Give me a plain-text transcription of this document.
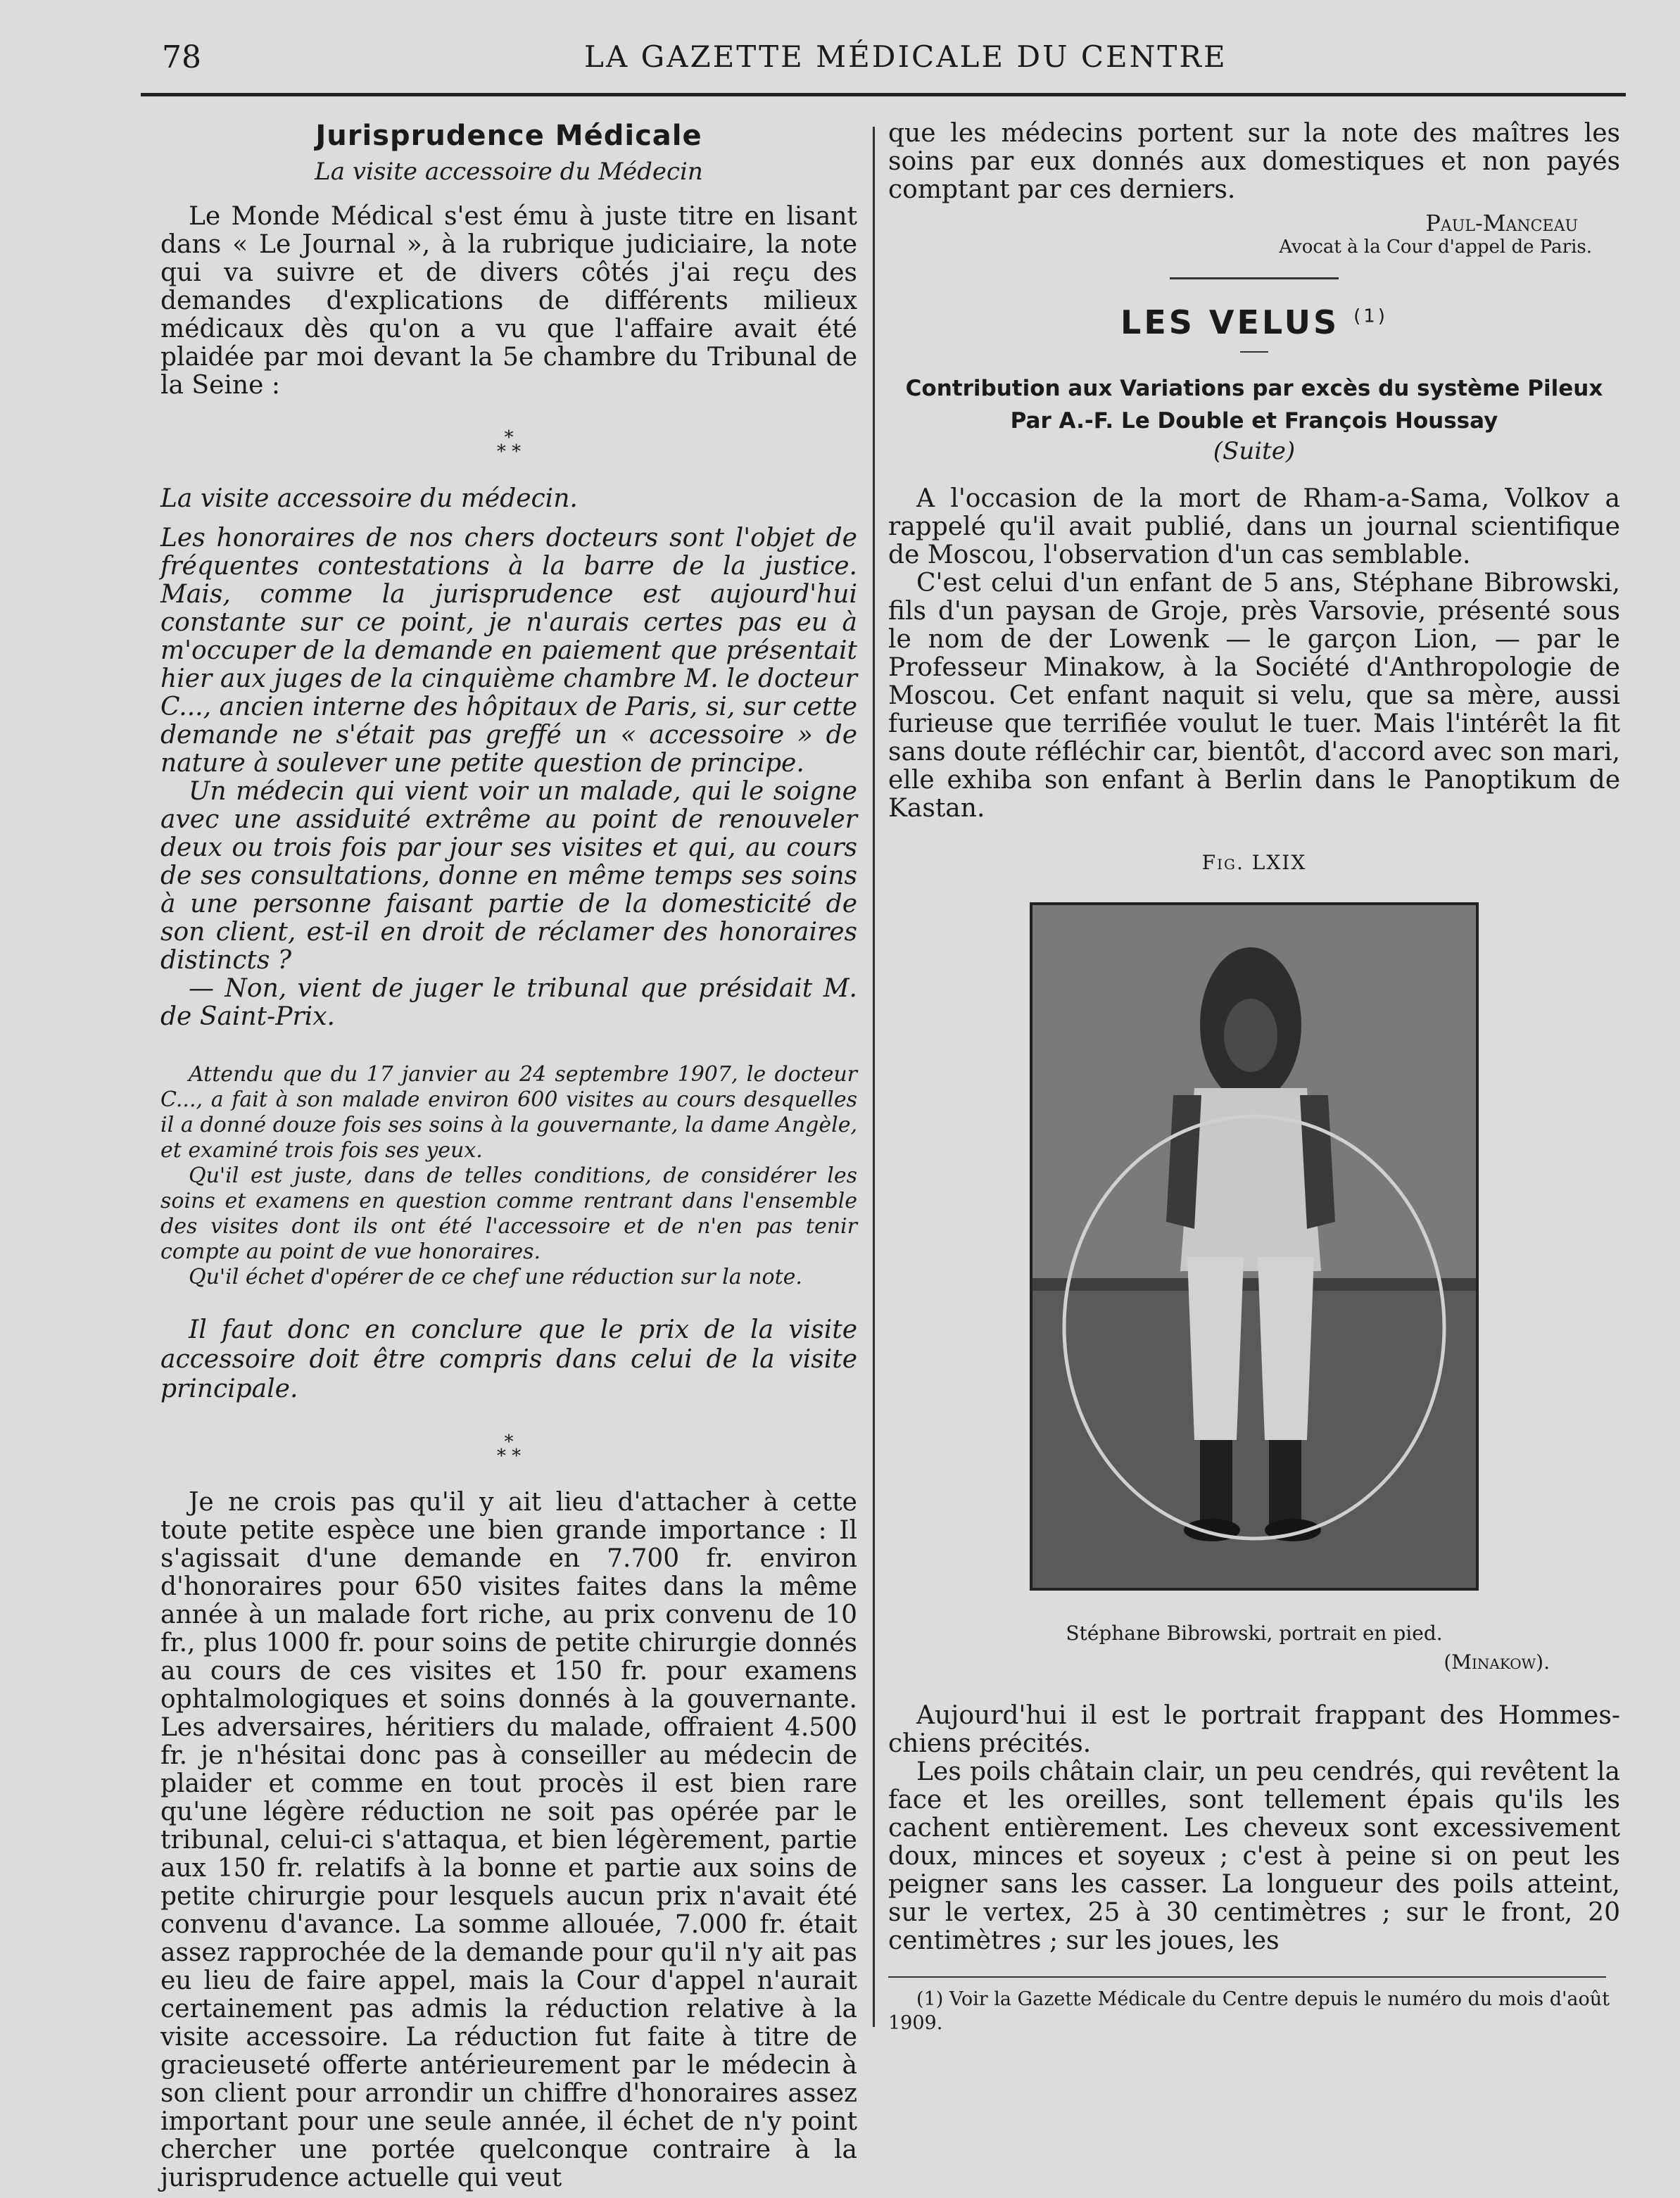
78	LA GAZETTE MÉDICALE DU CENTRE
Jurisprudence Médicale
La visite accessoire du Médecin

Le Monde Médical s'est ému à juste titre en lisant dans « Le Journal », à la rubrique judiciaire, la note qui va suivre et de divers côtés j'ai reçu des demandes d'explications de différents milieux médicaux dès qu'on a vu que l'affaire avait été plaidée par moi devant la 5e chambre du Tribunal de la Seine :

*
* *
La visite accessoire du médecin.

Les honoraires de nos chers docteurs sont l'objet de fréquentes contestations à la barre de la justice. Mais, comme la jurisprudence est aujourd'hui constante sur ce point, je n'aurais certes pas eu à m'occuper de la demande en paiement que présentait hier aux juges de la cinquième chambre M. le docteur C..., ancien interne des hôpitaux de Paris, si, sur cette demande ne s'était pas greffé un « accessoire » de nature à soulever une petite question de principe.

Un médecin qui vient voir un malade, qui le soigne avec une assiduité extrême au point de renouveler deux ou trois fois par jour ses visites et qui, au cours de ses consultations, donne en même temps ses soins à une personne faisant partie de la domesticité de son client, est-il en droit de réclamer des honoraires distincts ?

— Non, vient de juger le tribunal que présidait M. de Saint-Prix.

Attendu que du 17 janvier au 24 septembre 1907, le docteur C..., a fait à son malade environ 600 visites au cours desquelles il a donné douze fois ses soins à la gouvernante, la dame Angèle, et examiné trois fois ses yeux.

Qu'il est juste, dans de telles conditions, de considérer les soins et examens en question comme rentrant dans l'ensemble des visites dont ils ont été l'accessoire et de n'en pas tenir compte au point de vue honoraires.

Qu'il échet d'opérer de ce chef une réduction sur la note.

Il faut donc en conclure que le prix de la visite accessoire doit être compris dans celui de la visite principale.

*
* *

Je ne crois pas qu'il y ait lieu d'attacher à cette toute petite espèce une bien grande importance : Il s'agissait d'une demande en 7.700 fr. environ d'honoraires pour 650 visites faites dans la même année à un malade fort riche, au prix convenu de 10 fr., plus 1000 fr. pour soins de petite chirurgie donnés au cours de ces visites et 150 fr. pour examens ophtalmologiques et soins donnés à la gouvernante. Les adversaires, héritiers du malade, offraient 4.500 fr. je n'hésitai donc pas à conseiller au médecin de plaider et comme en tout procès il est bien rare qu'une légère réduction ne soit pas opérée par le tribunal, celui-ci s'attaqua, et bien légèrement, partie aux 150 fr. relatifs à la bonne et partie aux soins de petite chirurgie pour lesquels aucun prix n'avait été convenu d'avance. La somme allouée, 7.000 fr. était assez rapprochée de la demande pour qu'il n'y ait pas eu lieu de faire appel, mais la Cour d'appel n'aurait certainement pas admis la réduction relative à la visite accessoire. La réduction fut faite à titre de gracieuseté offerte antérieurement par le médecin à son client pour arrondir un chiffre d'honoraires assez important pour une seule année, il échet de n'y point chercher une portée quelconque contraire à la jurisprudence actuelle qui veut

que les médecins portent sur la note des maîtres les soins par eux donnés aux domestiques et non payés comptant par ces derniers.

Paul-Manceau
Avocat à la Cour d'appel de Paris.
LES VELUS $^{(1)}$
Contribution aux Variations par excès du système Pileux
Par A.-F. Le Double et François Houssay
(Suite)

A l'occasion de la mort de Rham-a-Sama, Volkov a rappelé qu'il avait publié, dans un journal scientifique de Moscou, l'observation d'un cas semblable.

C'est celui d'un enfant de 5 ans, Stéphane Bibrowski, fils d'un paysan de Groje, près Varsovie, présenté sous le nom de der Lowenk — le garçon Lion, — par le Professeur Minakow, à la Société d'Anthropologie de Moscou. Cet enfant naquit si velu, que sa mère, aussi furieuse que terrifiée voulut le tuer. Mais l'intérêt la fit sans doute réfléchir car, bientôt, d'accord avec son mari, elle exhiba son enfant à Berlin dans le Panoptikum de Kastan.

Fig. LXIX
Stéphane Bibrowski, portrait en pied.
(Minakow).

Aujourd'hui il est le portrait frappant des Hommes-chiens précités.

Les poils châtain clair, un peu cendrés, qui revêtent la face et les oreilles, sont tellement épais qu'ils les cachent entièrement. Les cheveux sont excessivement doux, minces et soyeux ; c'est à peine si on peut les peigner sans les casser. La longueur des poils atteint, sur le vertex, 25 à 30 centimètres ; sur le front, 20 centimètres ; sur les joues, les

(1) Voir la Gazette Médicale du Centre depuis le numéro du mois d'août 1909.
